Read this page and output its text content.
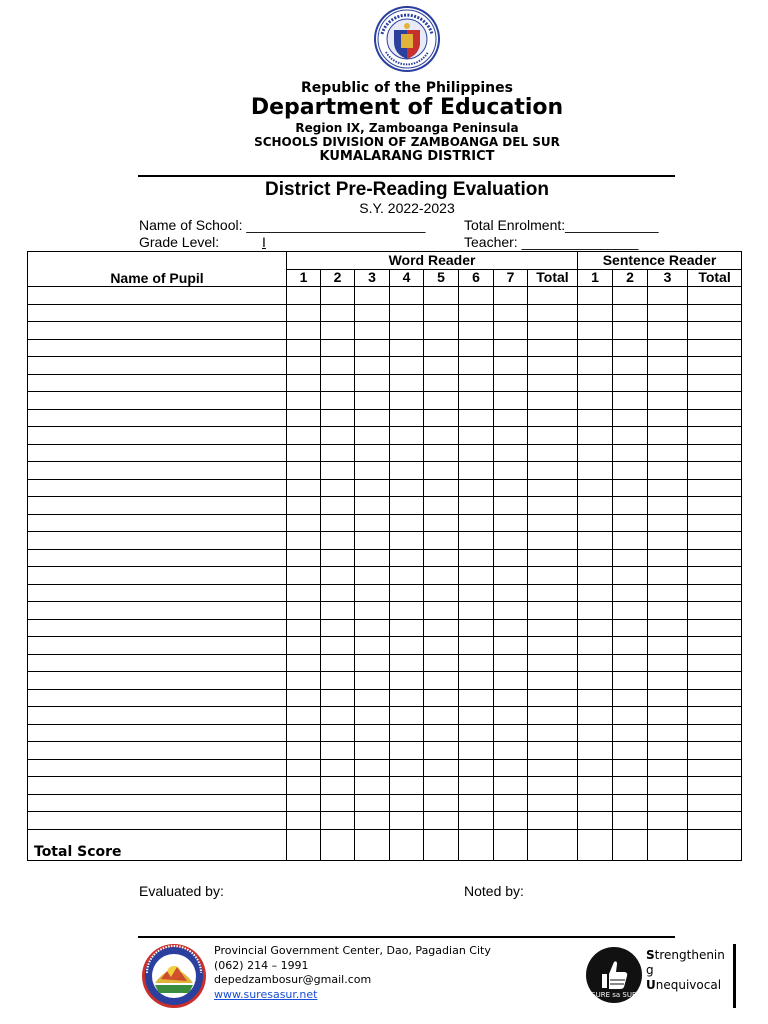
Republic of the Philippines
Department of Education
Region IX, Zamboanga Peninsula
SCHOOLS DIVISION OF ZAMBOANGA DEL SUR
KUMALARANG DISTRICT
District Pre-Reading Evaluation
S.Y. 2022-2023
Name of School: _______________________	Total Enrolment:____________
Grade Level:	I	Teacher: _______________
Name of Pupil	Word Reader								Sentence Reader			
	1	2	3	4	5	6	7	Total	1	2	3	Total

Total Score												
Evaluated by:	Noted by:
Provincial Government Center, Dao, Pagadian City
(062) 214 – 1991
depedzambosur@gmail.com
www.suresasur.net	SURE sa SUR
Strengthening
Unequivocal
